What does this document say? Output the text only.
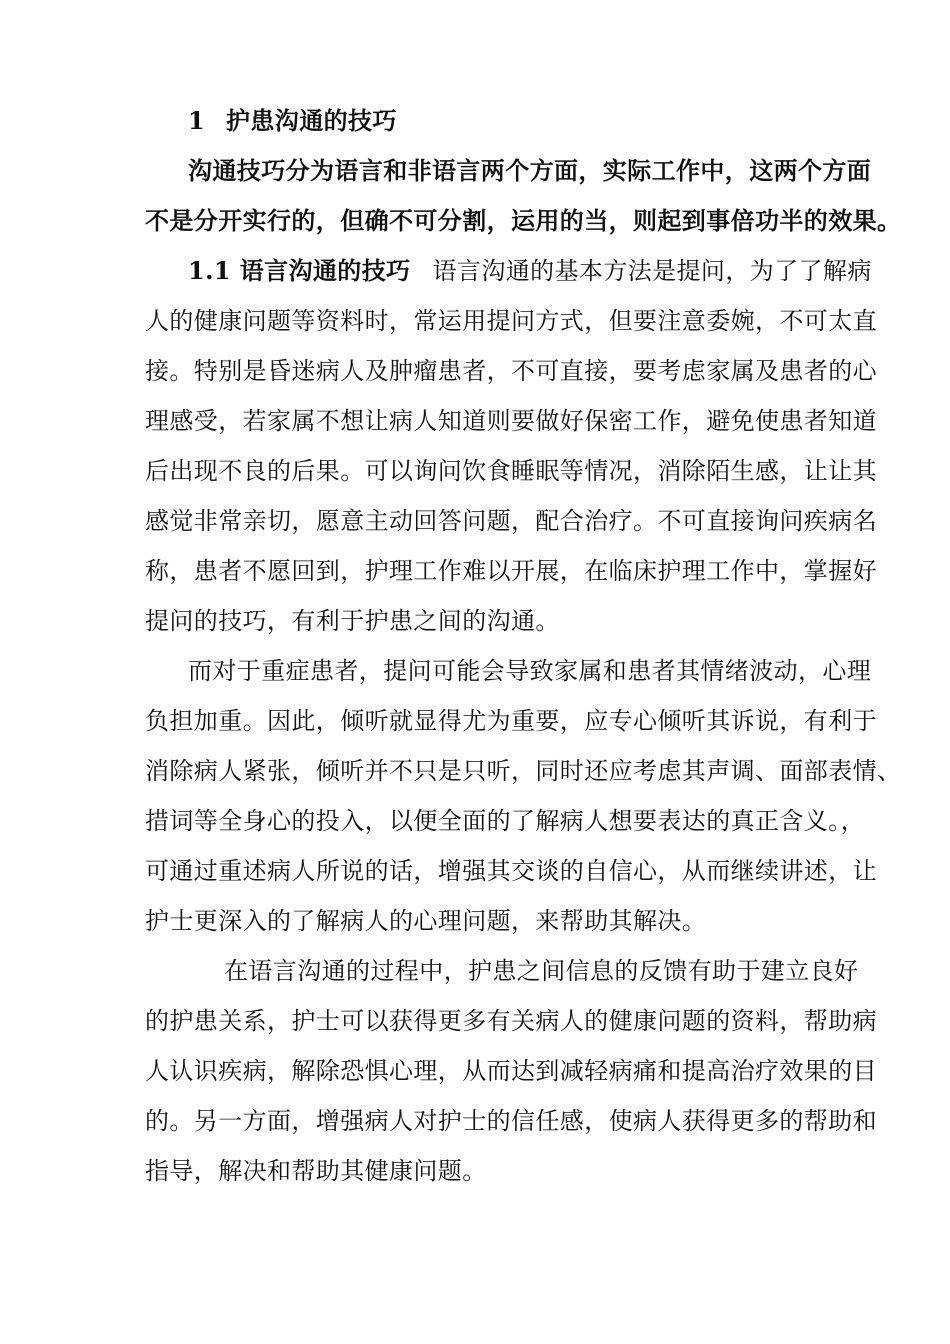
1 护患沟通的技巧
沟通技巧分为语言和非语言两个方面，实际工作中，这两个方面
不是分开实行的，但确不可分割，运用的当，则起到事倍功半的效果。
1.1 语言沟通的技巧 语言沟通的基本方法是提问，为了了解病
人的健康问题等资料时，常运用提问方式，但要注意委婉，不可太直
接。特别是昏迷病人及肿瘤患者，不可直接，要考虑家属及患者的心
理感受，若家属不想让病人知道则要做好保密工作，避免使患者知道
后出现不良的后果。可以询问饮食睡眠等情况，消除陌生感，让让其
感觉非常亲切，愿意主动回答问题，配合治疗。不可直接询问疾病名
称，患者不愿回到，护理工作难以开展，在临床护理工作中，掌握好
提问的技巧，有利于护患之间的沟通。
而对于重症患者，提问可能会导致家属和患者其情绪波动，心理
负担加重。因此，倾听就显得尤为重要，应专心倾听其诉说，有利于
消除病人紧张，倾听并不只是只听，同时还应考虑其声调、面部表情、
措词等全身心的投入，以便全面的了解病人想要表达的真正含义。，
可通过重述病人所说的话，增强其交谈的自信心，从而继续讲述，让
护士更深入的了解病人的心理问题，来帮助其解决。
在语言沟通的过程中，护患之间信息的反馈有助于建立良好
的护患关系，护士可以获得更多有关病人的健康问题的资料，帮助病
人认识疾病，解除恐惧心理，从而达到减轻病痛和提高治疗效果的目
的。另一方面，增强病人对护士的信任感，使病人获得更多的帮助和
指导，解决和帮助其健康问题。
